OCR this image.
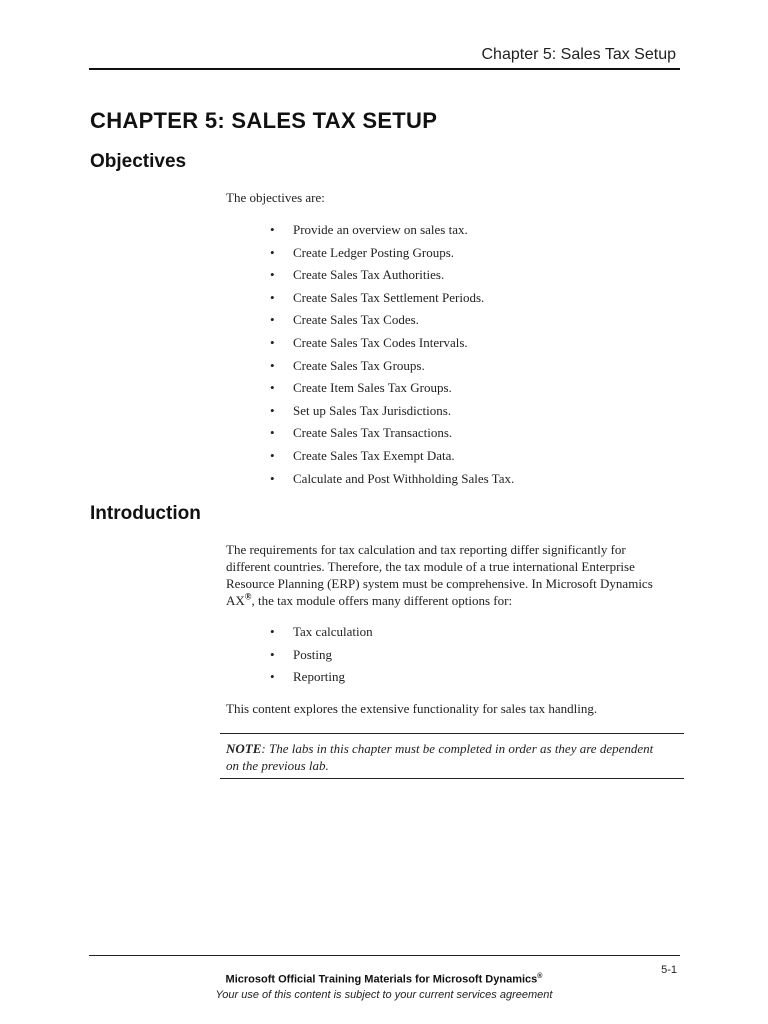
Chapter 5: Sales Tax Setup
CHAPTER 5: SALES TAX SETUP
Objectives

The objectives are:

• Provide an overview on sales tax.
• Create Ledger Posting Groups.
• Create Sales Tax Authorities.
• Create Sales Tax Settlement Periods.
• Create Sales Tax Codes.
• Create Sales Tax Codes Intervals.
• Create Sales Tax Groups.
• Create Item Sales Tax Groups.
• Set up Sales Tax Jurisdictions.
• Create Sales Tax Transactions.
• Create Sales Tax Exempt Data.
• Calculate and Post Withholding Sales Tax.
Introduction

The requirements for tax calculation and tax reporting differ significantly for different countries. Therefore, the tax module of a true international Enterprise Resource Planning (ERP) system must be comprehensive. In Microsoft Dynamics AX®, the tax module offers many different options for:

• Tax calculation
• Posting
• Reporting

This content explores the extensive functionality for sales tax handling.

NOTE: The labs in this chapter must be completed in order as they are dependent on the previous lab.

5-1
Microsoft Official Training Materials for Microsoft Dynamics®
Your use of this content is subject to your current services agreement
